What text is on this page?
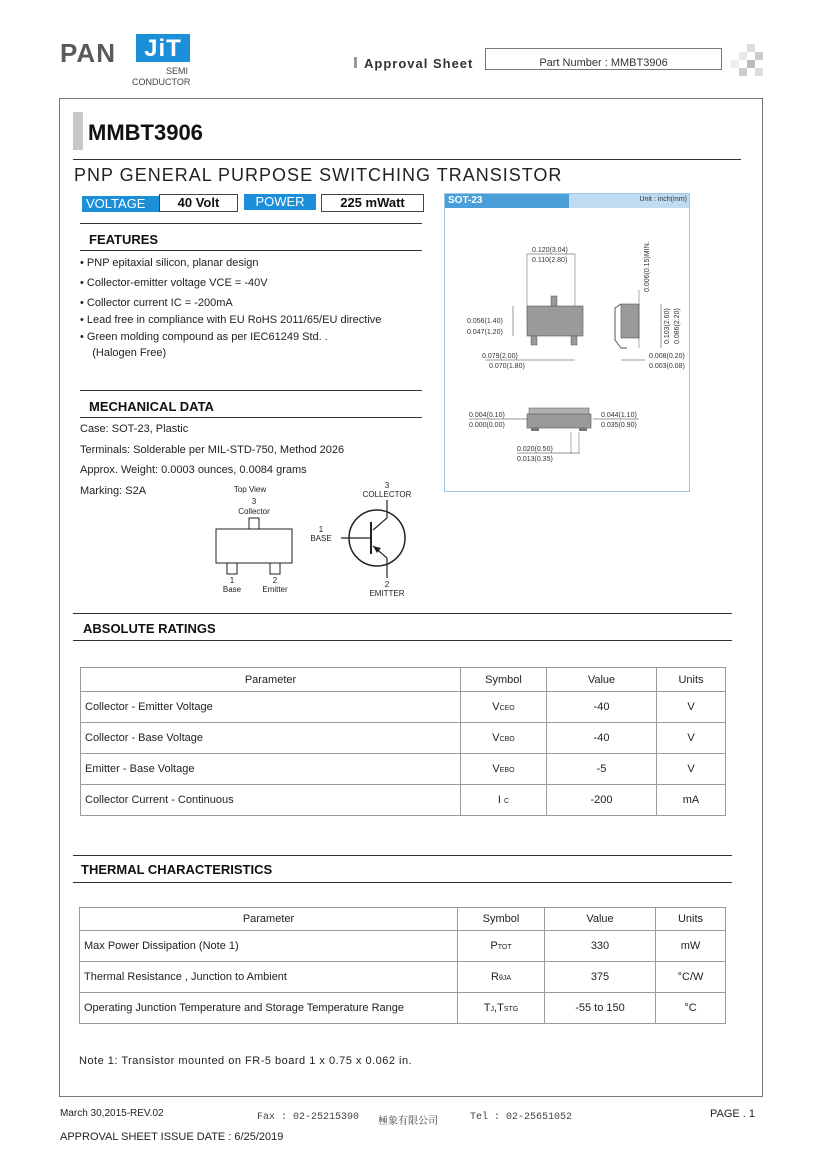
PAN	JiT
SEMI
CONDUCTOR
Approval Sheet	Part Number : MMBT3906
MMBT3906
PNP GENERAL PURPOSE SWITCHING TRANSISTOR
VOLTAGE	40 Volt	POWER	225 mWatt
FEATURES
• PNP epitaxial silicon, planar design
• Collector-emitter voltage VCE = -40V
• Collector current IC = -200mA
• Lead free in compliance with EU RoHS 2011/65/EU directive
• Green molding compound as per IEC61249 Std. .
(Halogen Free)
MECHANICAL DATA
Case: SOT-23, Plastic
Terminals: Solderable per MIL-STD-750, Method 2026
Approx. Weight: 0.0003 ounces, 0.0084 grams
Marking: S2A	Top View
3
Collector
1
Base
2
Emitter
3
COLLECTOR
1
BASE
2
EMITTER
SOT-23	Unit : inch(mm)
0.120(3.04)
0.110(2.80)
0.056(1.40)
0.047(1.20)
0.079(2.00)
0.070(1.80)
0.006(0.15)MIN.
0.103(2.60) 0.086(2.20)
0.008(0.20)
0.003(0.08)
0.004(0.10)
0.000(0.00)
0.044(1.10)
0.035(0.90)
0.020(0.50)
0.013(0.35)
ABSOLUTE RATINGS
Parameter	Symbol	Value	Units
Collector - Emitter Voltage	VCEO	-40	V
Collector - Base Voltage	VCBO	-40	V
Emitter - Base Voltage	VEBO	-5	V
Collector Current - Continuous	I C	-200	mA
THERMAL CHARACTERISTICS
Parameter	Symbol	Value	Units
Max Power Dissipation (Note 1)	PTOT	330	mW
Thermal Resistance , Junction to Ambient	RθJA	375	°C/W
Operating Junction Temperature and Storage Temperature Range	TJ,TSTG	-55 to 150	°C
Note 1: Transistor mounted on FR-5 board 1 x 0.75 x 0.062 in.
March 30,2015-REV.02	Fax : 02-25215390 極象有限公司	Tel : 02-25651052	PAGE . 1
APPROVAL SHEET ISSUE DATE : 6/25/2019
